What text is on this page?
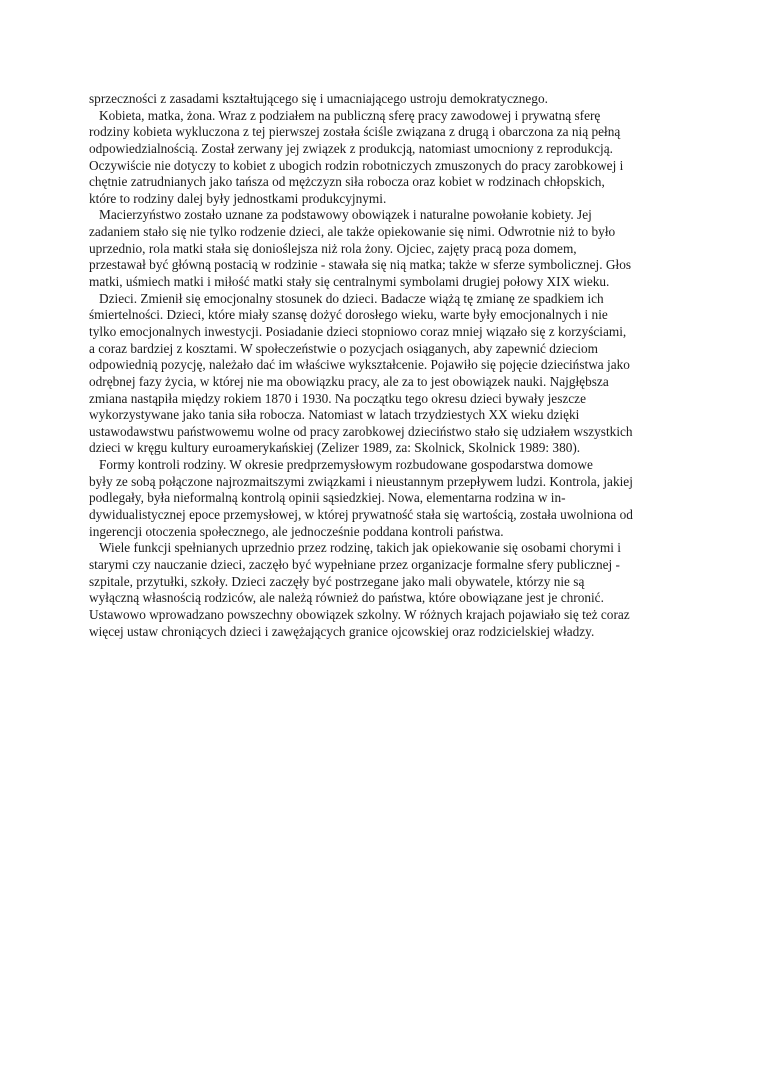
sprzeczności z zasadami kształtującego się i umacniającego ustroju demokratycznego.
Kobieta, matka, żona. Wraz z podziałem na publiczną sferę pracy zawodowej i prywatną sferę
rodziny kobieta wykluczona z tej pierwszej została ściśle związana z drugą i obarczona za nią pełną
odpowiedzialnością. Został zerwany jej związek z produkcją, natomiast umocniony z reprodukcją.
Oczywiście nie dotyczy to kobiet z ubogich rodzin robotniczych zmuszonych do pracy zarobkowej i
chętnie zatrudnianych jako tańsza od mężczyzn siła robocza oraz kobiet w rodzinach chłopskich,
które to rodziny dalej były jednostkami produkcyjnymi.
Macierzyństwo zostało uznane za podstawowy obowiązek i naturalne powołanie kobiety. Jej
zadaniem stało się nie tylko rodzenie dzieci, ale także opiekowanie się nimi. Odwrotnie niż to było
uprzednio, rola matki stała się donioślejsza niż rola żony. Ojciec, zajęty pracą poza domem,
przestawał być główną postacią w rodzinie - stawała się nią matka; także w sferze symbolicznej. Głos
matki, uśmiech matki i miłość matki stały się centralnymi symbolami drugiej połowy XIX wieku.
Dzieci. Zmienił się emocjonalny stosunek do dzieci. Badacze wiążą tę zmianę ze spadkiem ich
śmiertelności. Dzieci, które miały szansę dożyć dorosłego wieku, warte były emocjonalnych i nie
tylko emocjonalnych inwestycji. Posiadanie dzieci stopniowo coraz mniej wiązało się z korzyściami,
a coraz bardziej z kosztami. W społeczeństwie o pozycjach osiąganych, aby zapewnić dzieciom
odpowiednią pozycję, należało dać im właściwe wykształcenie. Pojawiło się pojęcie dzieciństwa jako
odrębnej fazy życia, w której nie ma obowiązku pracy, ale za to jest obowiązek nauki. Najgłębsza
zmiana nastąpiła między rokiem 1870 i 1930. Na początku tego okresu dzieci bywały jeszcze
wykorzystywane jako tania siła robocza. Natomiast w latach trzydziestych XX wieku dzięki
ustawodawstwu państwowemu wolne od pracy zarobkowej dzieciństwo stało się udziałem wszystkich
dzieci w kręgu kultury euroamerykańskiej (Zelizer 1989, za: Skolnick, Skolnick 1989: 380).
Formy kontroli rodziny. W okresie predprzemysłowym rozbudowane gospodarstwa domowe
były ze sobą połączone najrozmaitszymi związkami i nieustannym przepływem ludzi. Kontrola, jakiej
podlegały, była nieformalną kontrolą opinii sąsiedzkiej. Nowa, elementarna rodzina w in-
dywidualistycznej epoce przemysłowej, w której prywatność stała się wartością, została uwolniona od
ingerencji otoczenia społecznego, ale jednocześnie poddana kontroli państwa.
Wiele funkcji spełnianych uprzednio przez rodzinę, takich jak opiekowanie się osobami chorymi i
starymi czy nauczanie dzieci, zaczęło być wypełniane przez organizacje formalne sfery publicznej -
szpitale, przytułki, szkoły. Dzieci zaczęły być postrzegane jako mali obywatele, którzy nie są
wyłączną własnością rodziców, ale należą również do państwa, które obowiązane jest je chronić.
Ustawowo wprowadzano powszechny obowiązek szkolny. W różnych krajach pojawiało się też coraz
więcej ustaw chroniących dzieci i zawężających granice ojcowskiej oraz rodzicielskiej władzy.
